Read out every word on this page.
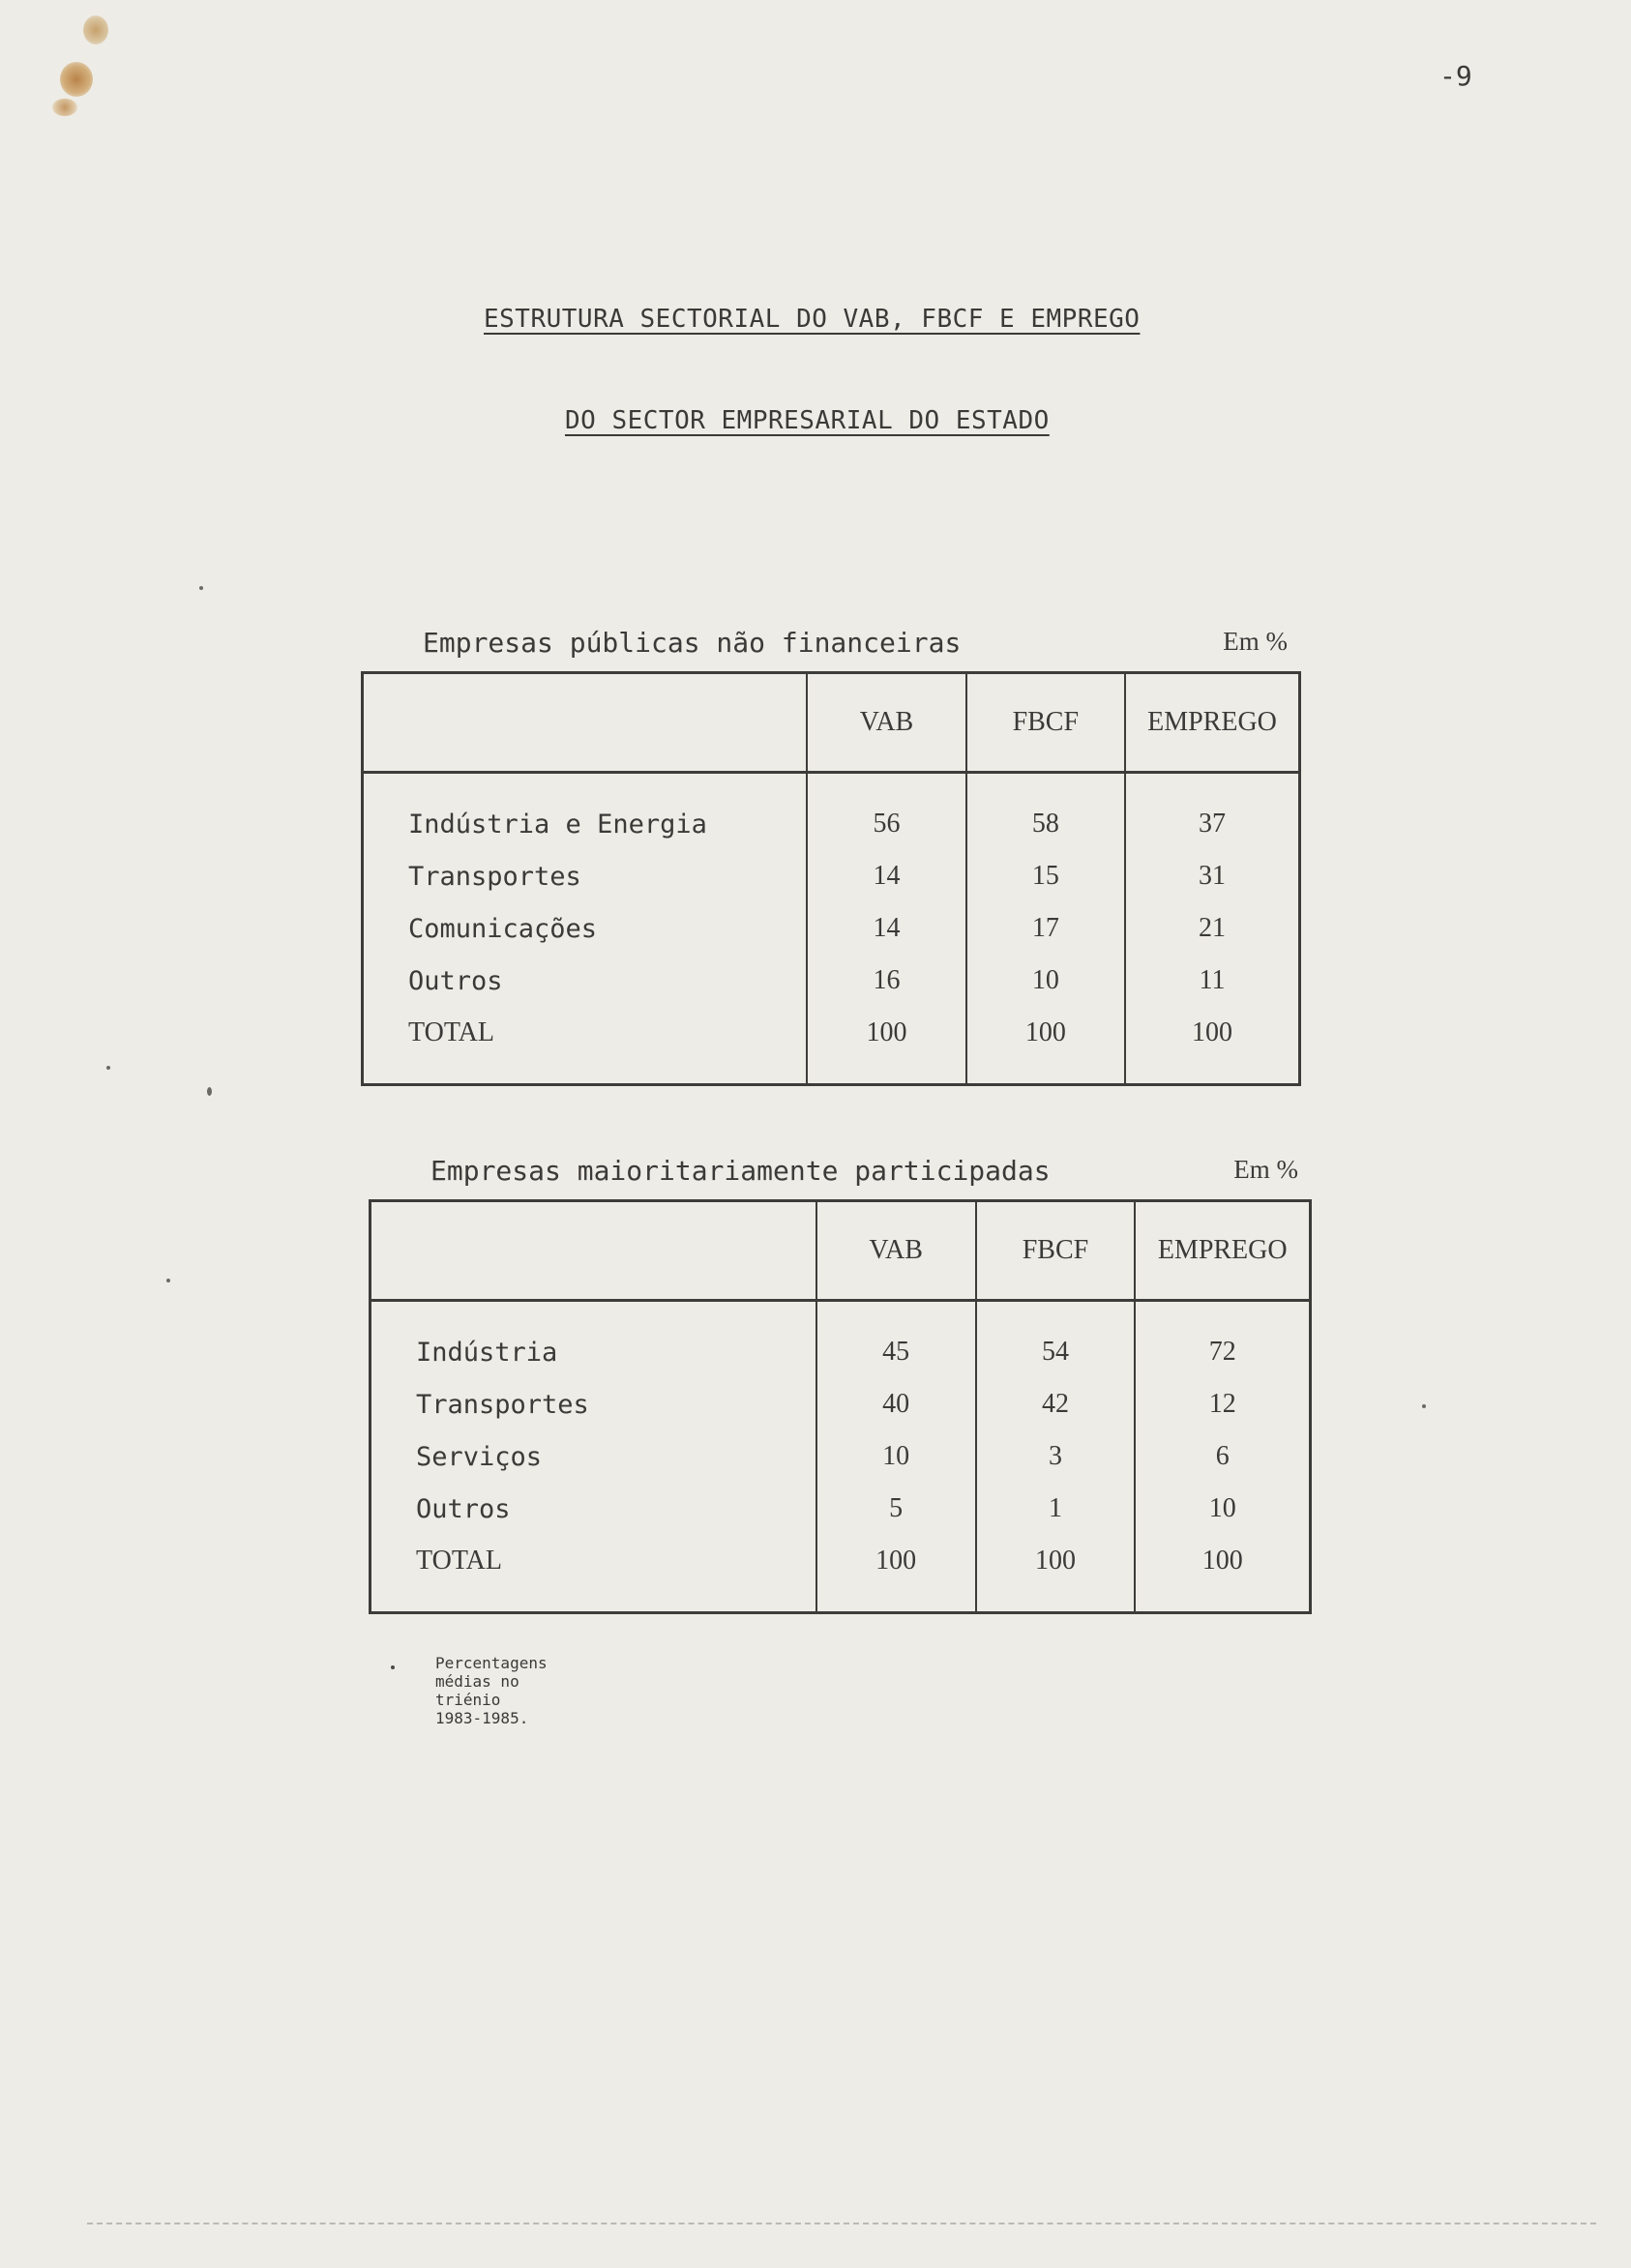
-9
ESTRUTURA SECTORIAL DO VAB, FBCF E EMPREGO
DO SECTOR EMPRESARIAL DO ESTADO
Empresas públicas não financeiras	Em %
	VAB	FBCF	EMPREGO
Indústria e Energia	56	58	37
Transportes	14	15	31
Comunicações	14	17	21
Outros	16	10	11
TOTAL	100	100	100
Empresas maioritariamente participadas	Em %
	VAB	FBCF	EMPREGO
Indústria	45	54	72
Transportes	40	42	12
Serviços	10	3	6
Outros	5	1	10
TOTAL	100	100	100
Percentagens médias no triénio 1983-1985.
